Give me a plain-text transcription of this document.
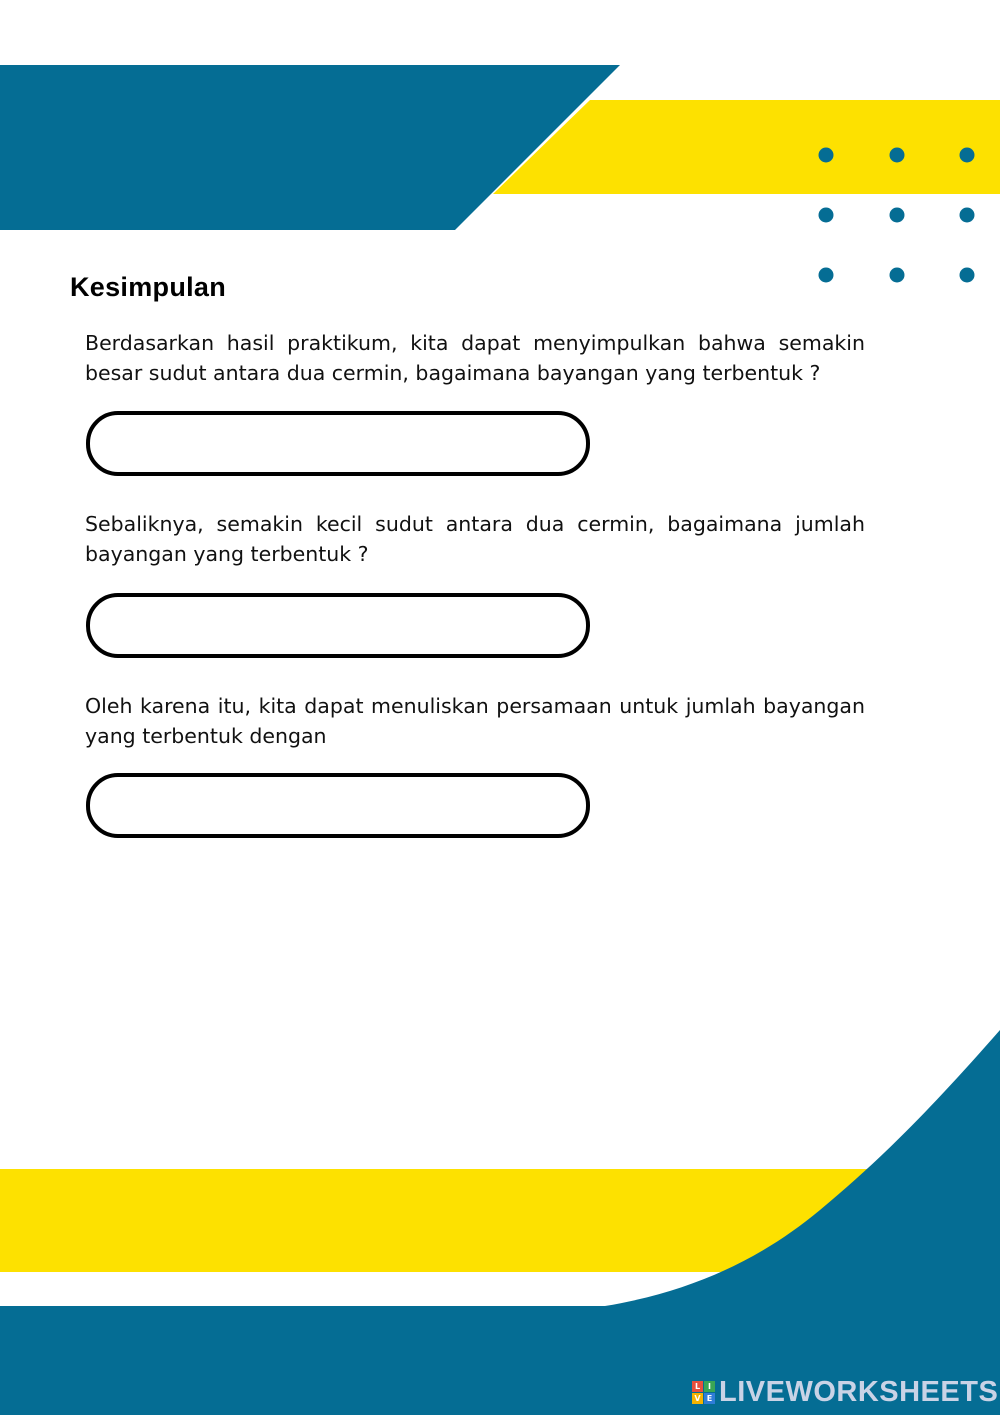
Kesimpulan
Berdasarkan hasil praktikum, kita dapat menyimpulkan bahwa semakin besar sudut antara dua cermin, bagaimana bayangan yang terbentuk ?
Sebaliknya, semakin kecil sudut antara dua cermin, bagaimana jumlah bayangan yang terbentuk ?
Oleh karena itu, kita dapat menuliskan persamaan untuk jumlah bayangan yang terbentuk dengan
L I
V E LIVEWORKSHEETS
